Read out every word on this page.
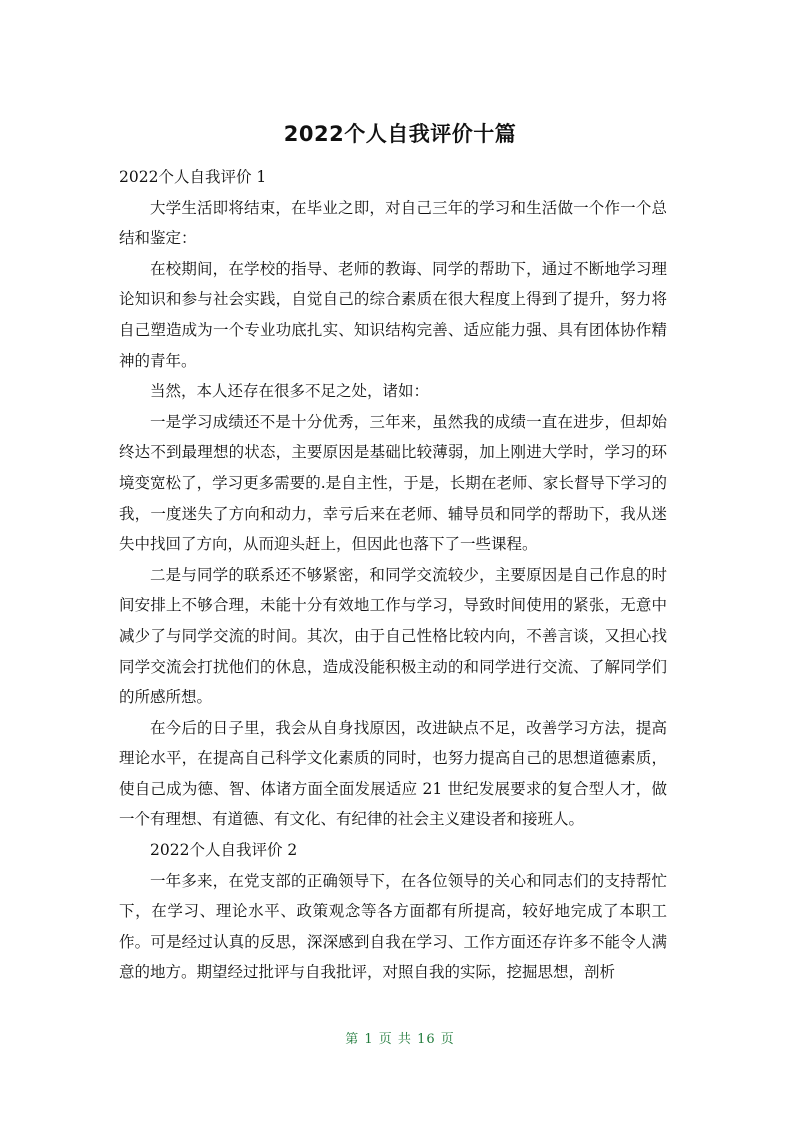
2022个人自我评价十篇

2022个人自我评价 1

大学生活即将结束，在毕业之即，对自己三年的学习和生活做一个作一个总结和鉴定：

在校期间，在学校的指导、老师的教诲、同学的帮助下，通过不断地学习理论知识和参与社会实践，自觉自己的综合素质在很大程度上得到了提升，努力将自己塑造成为一个专业功底扎实、知识结构完善、适应能力强、具有团体协作精神的青年。

当然，本人还存在很多不足之处，诸如：

一是学习成绩还不是十分优秀，三年来，虽然我的成绩一直在进步，但却始终达不到最理想的状态，主要原因是基础比较薄弱，加上刚进大学时，学习的环境变宽松了，学习更多需要的.是自主性，于是，长期在老师、家长督导下学习的我，一度迷失了方向和动力，幸亏后来在老师、辅导员和同学的帮助下，我从迷失中找回了方向，从而迎头赶上，但因此也落下了一些课程。

二是与同学的联系还不够紧密，和同学交流较少，主要原因是自己作息的时间安排上不够合理，未能十分有效地工作与学习，导致时间使用的紧张，无意中减少了与同学交流的时间。其次，由于自己性格比较内向，不善言谈，又担心找同学交流会打扰他们的休息，造成没能积极主动的和同学进行交流、了解同学们的所感所想。

在今后的日子里，我会从自身找原因，改进缺点不足，改善学习方法，提高理论水平，在提高自己科学文化素质的同时，也努力提高自己的思想道德素质，使自己成为德、智、体诸方面全面发展适应 21 世纪发展要求的复合型人才，做一个有理想、有道德、有文化、有纪律的社会主义建设者和接班人。

2022个人自我评价 2

一年多来，在党支部的正确领导下，在各位领导的关心和同志们的支持帮忙下，在学习、理论水平、政策观念等各方面都有所提高，较好地完成了本职工作。可是经过认真的反思，深深感到自我在学习、工作方面还存许多不能令人满意的地方。期望经过批评与自我批评，对照自我的实际，挖掘思想，剖析

第 1 页 共 16 页
